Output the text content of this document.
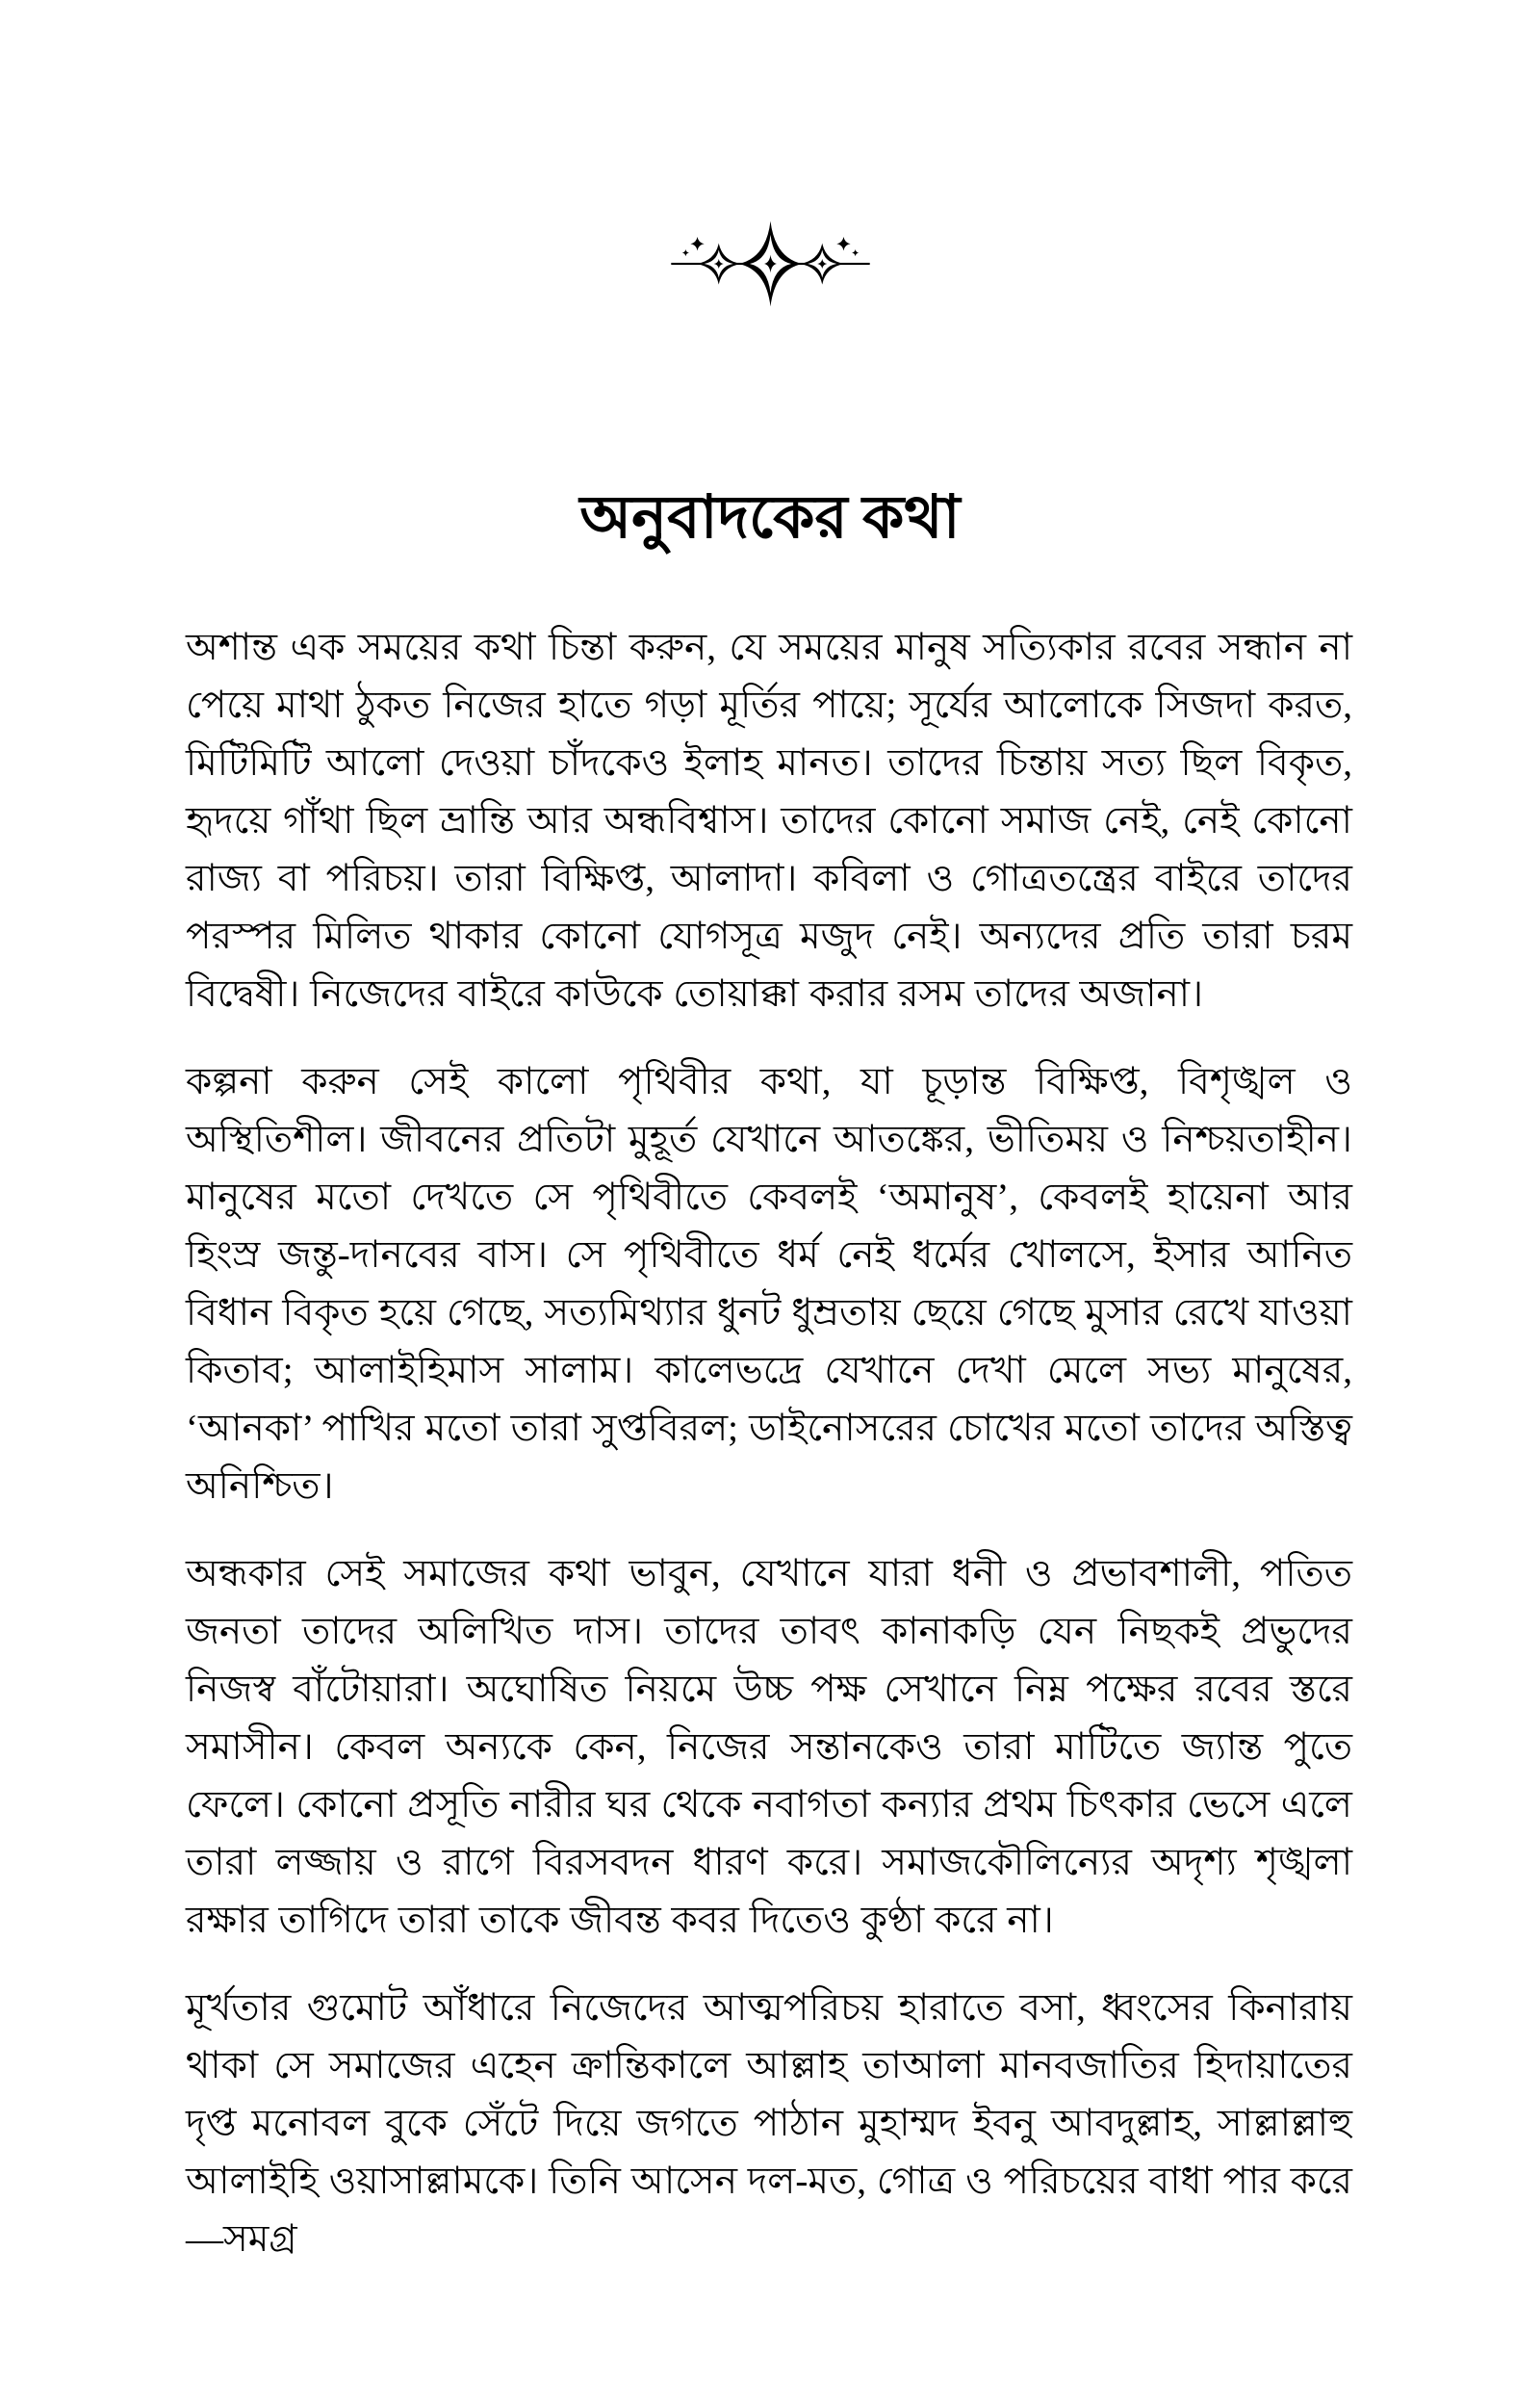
অনুবাদকের কথা

অশান্ত এক সময়ের কথা চিন্তা করুন, যে সময়ের মানুষ সত্যিকার রবের সন্ধান না পেয়ে মাথা ঠুকত নিজের হাতে গড়া মূর্তির পায়ে; সূর্যের আলোকে সিজদা করত, মিটিমিটি আলো দেওয়া চাঁদকেও ইলাহ মানত। তাদের চিন্তায় সত্য ছিল বিকৃত, হৃদয়ে গাঁথা ছিল ভ্রান্তি আর অন্ধবিশ্বাস। তাদের কোনো সমাজ নেই, নেই কোনো রাজ্য বা পরিচয়। তারা বিক্ষিপ্ত, আলাদা। কবিলা ও গোত্রতন্ত্রের বাইরে তাদের পরস্পর মিলিত থাকার কোনো যোগসূত্র মজুদ নেই। অন্যদের প্রতি তারা চরম বিদ্বেষী। নিজেদের বাইরে কাউকে তোয়াক্কা করার রসম তাদের অজানা।

কল্পনা করুন সেই কালো পৃথিবীর কথা, যা চূড়ান্ত বিক্ষিপ্ত, বিশৃঙ্খল ও অস্থিতিশীল। জীবনের প্রতিটা মুহূর্ত যেখানে আতঙ্কের, ভীতিময় ও নিশ্চয়তাহীন। মানুষের মতো দেখতে সে পৃথিবীতে কেবলই ‘অমানুষ’, কেবলই হায়েনা আর হিংস্র জন্তু-দানবের বাস। সে পৃথিবীতে ধর্ম নেই ধর্মের খোলসে, ইসার আনিত বিধান বিকৃত হয়ে গেছে, সত্যমিথ্যার ধুনট ধুম্রতায় ছেয়ে গেছে মুসার রেখে যাওয়া কিতাব; আলাইহিমাস সালাম। কালেভদ্রে যেখানে দেখা মেলে সভ্য মানুষের, ‘আনকা’ পাখির মতো তারা সুপ্তবিরল; ডাইনোসরের চোখের মতো তাদের অস্তিত্ব অনিশ্চিত।

অন্ধকার সেই সমাজের কথা ভাবুন, যেখানে যারা ধনী ও প্রভাবশালী, পতিত জনতা তাদের অলিখিত দাস। তাদের তাবৎ কানাকড়ি যেন নিছকই প্রভুদের নিজস্ব বাঁটোয়ারা। অঘোষিত নিয়মে উচ্চ পক্ষ সেখানে নিম্ন পক্ষের রবের স্তরে সমাসীন। কেবল অন্যকে কেন, নিজের সন্তানকেও তারা মাটিতে জ্যান্ত পুতে ফেলে। কোনো প্রসূতি নারীর ঘর থেকে নবাগতা কন্যার প্রথম চিৎকার ভেসে এলে তারা লজ্জায় ও রাগে বিরসবদন ধারণ করে। সমাজকৌলিন্যের অদৃশ্য শৃঙ্খলা রক্ষার তাগিদে তারা তাকে জীবন্ত কবর দিতেও কুণ্ঠা করে না।

মূর্খতার গুমোট আঁধারে নিজেদের আত্মপরিচয় হারাতে বসা, ধ্বংসের কিনারায় থাকা সে সমাজের এহেন ক্রান্তিকালে আল্লাহ তাআলা মানবজাতির হিদায়াতের দৃপ্ত মনোবল বুকে সেঁটে দিয়ে জগতে পাঠান মুহাম্মদ ইবনু আবদুল্লাহ, সাল্লাল্লাহু আলাইহি ওয়াসাল্লামকে। তিনি আসেন দল-মত, গোত্র ও পরিচয়ের বাধা পার করে—সমগ্র
